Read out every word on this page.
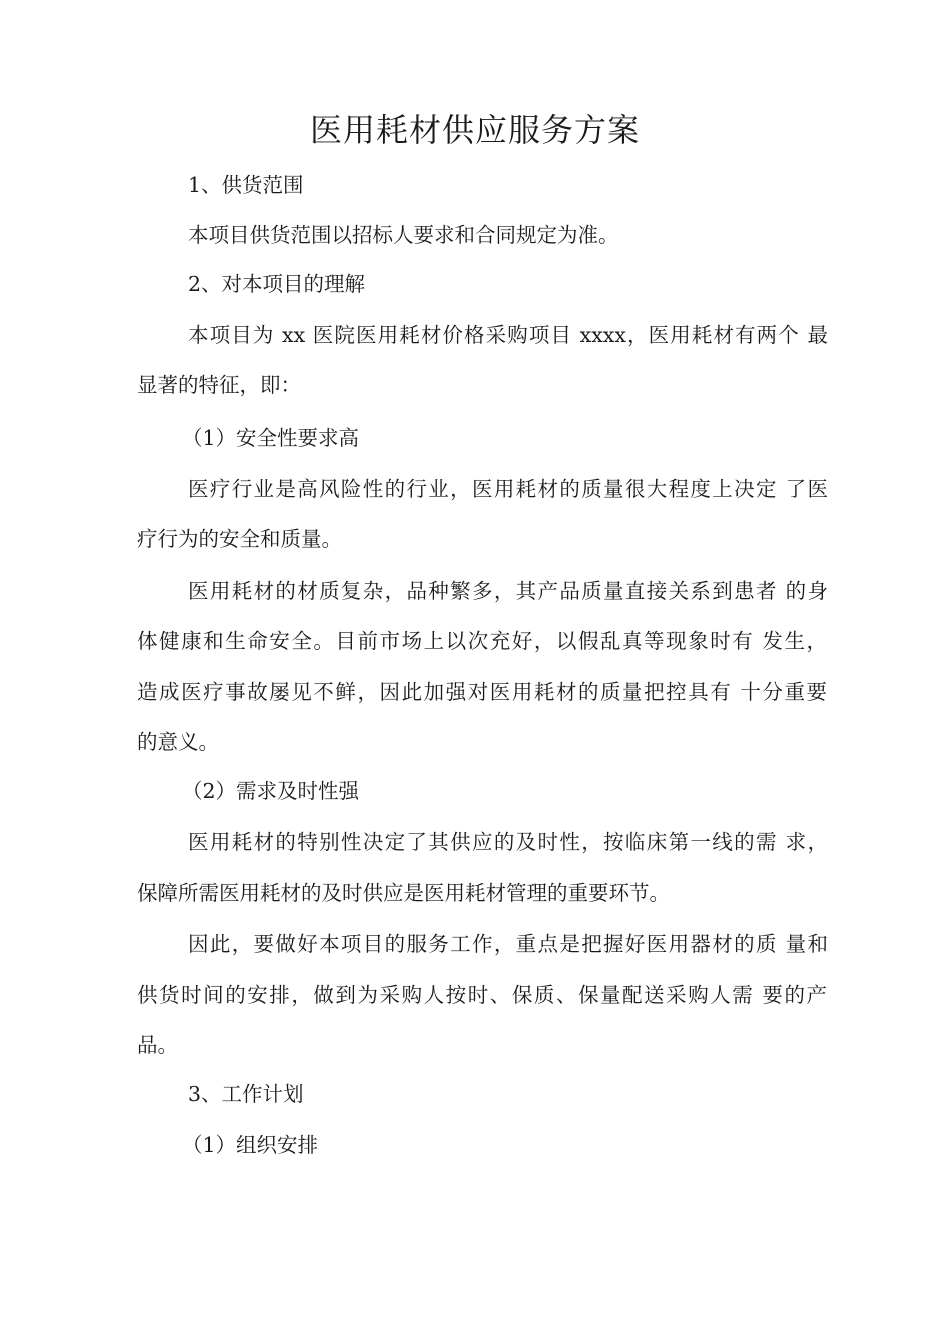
医用耗材供应服务方案

1、供货范围

本项目供货范围以招标人要求和合同规定为准。

2、对本项目的理解

本项目为 xx 医院医用耗材价格采购项目 xxxx，医用耗材有两个 最

显著的特征，即：

（1）安全性要求高

医疗行业是高风险性的行业，医用耗材的质量很大程度上决定 了医

疗行为的安全和质量。

医用耗材的材质复杂，品种繁多，其产品质量直接关系到患者 的身

体健康和生命安全。目前市场上以次充好，以假乱真等现象时有 发生，

造成医疗事故屡见不鲜，因此加强对医用耗材的质量把控具有 十分重要

的意义。

（2）需求及时性强

医用耗材的特别性决定了其供应的及时性，按临床第一线的需 求，

保障所需医用耗材的及时供应是医用耗材管理的重要环节。

因此，要做好本项目的服务工作，重点是把握好医用器材的质 量和

供货时间的安排，做到为采购人按时、保质、保量配送采购人需 要的产

品。

3、工作计划

（1）组织安排
